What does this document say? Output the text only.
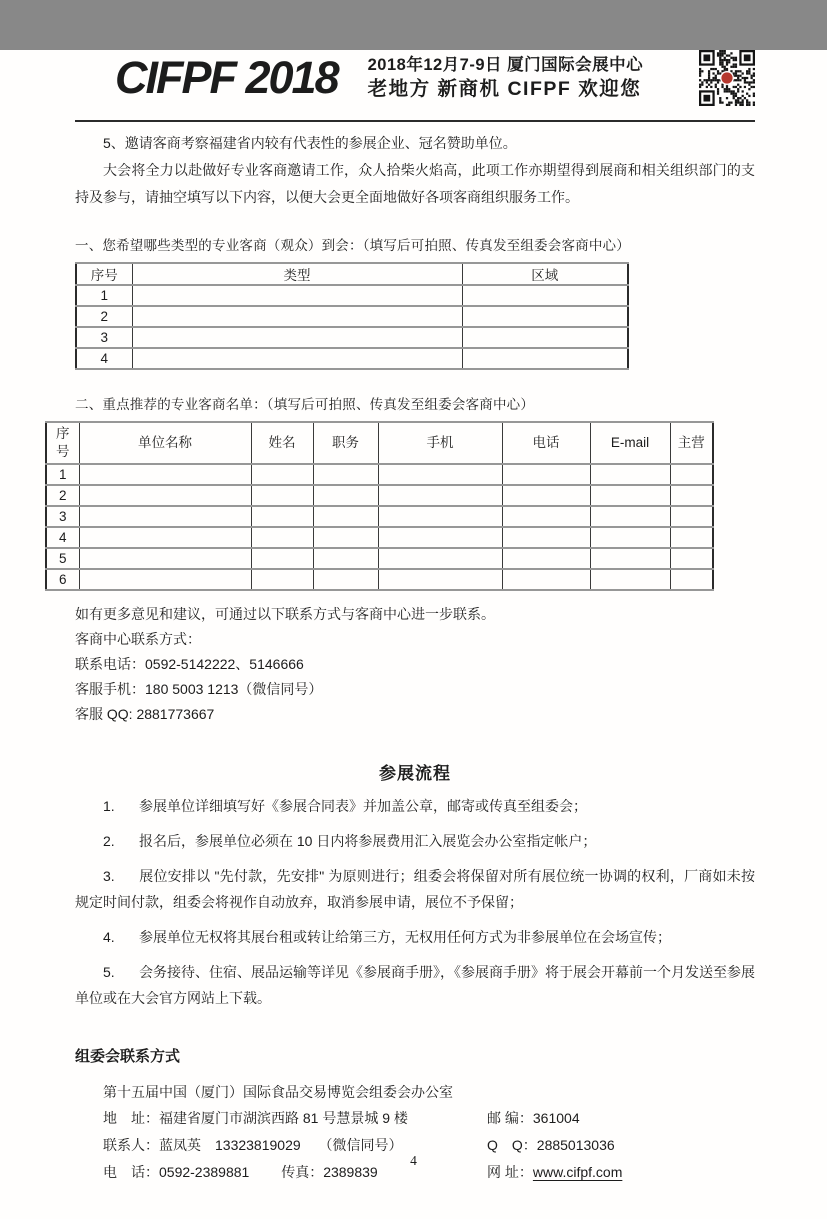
CIFPF 2018 2018年12月7-9日 厦门国际会展中心
老地方 新商机 CIFPF 欢迎您

5、邀请客商考察福建省内较有代表性的参展企业、冠名赞助单位。

大会将全力以赴做好专业客商邀请工作，众人拾柴火焰高，此项工作亦期望得到展商和相关组织部门的支持及参与，请抽空填写以下内容，以便大会更全面地做好各项客商组织服务工作。

一、您希望哪些类型的专业客商（观众）到会：（填写后可拍照、传真发至组委会客商中心）

序号	类型	区域
1		
2		
3		
4		

二、重点推荐的专业客商名单：（填写后可拍照、传真发至组委会客商中心）

序号	单位名称	姓名	职务	手机	电话	E-mail	主营
1							
2							
3							
4							
5							
6							

如有更多意见和建议，可通过以下联系方式与客商中心进一步联系。

客商中心联系方式：

联系电话：0592-5142222、5146666

客服手机：180 5003 1213（微信同号）

客服 QQ: 2881773667

参展流程

1. 参展单位详细填写好《参展合同表》并加盖公章，邮寄或传真至组委会；

2. 报名后，参展单位必须在 10 日内将参展费用汇入展览会办公室指定帐户；

3. 展位安排以 "先付款，先安排" 为原则进行；组委会将保留对所有展位统一协调的权利，厂商如未按规定时间付款，组委会将视作自动放弃，取消参展申请，展位不予保留；

4. 参展单位无权将其展台租或转让给第三方，无权用任何方式为非参展单位在会场宣传；

5. 会务接待、住宿、展品运输等详见《参展商手册》，《参展商手册》将于展会开幕前一个月发送至参展单位或在大会官方网站上下载。

组委会联系方式

第十五届中国（厦门）国际食品交易博览会组委会办公室

地　址：福建省厦门市湖滨西路 81 号慧景城 9 楼	邮 编：361004
联系人：蓝凤英　13323819029　 （微信同号）	Q　Q：2885013036
电　话：0592-2389881　　 传真：2389839	网 址：www.cifpf.com
4
